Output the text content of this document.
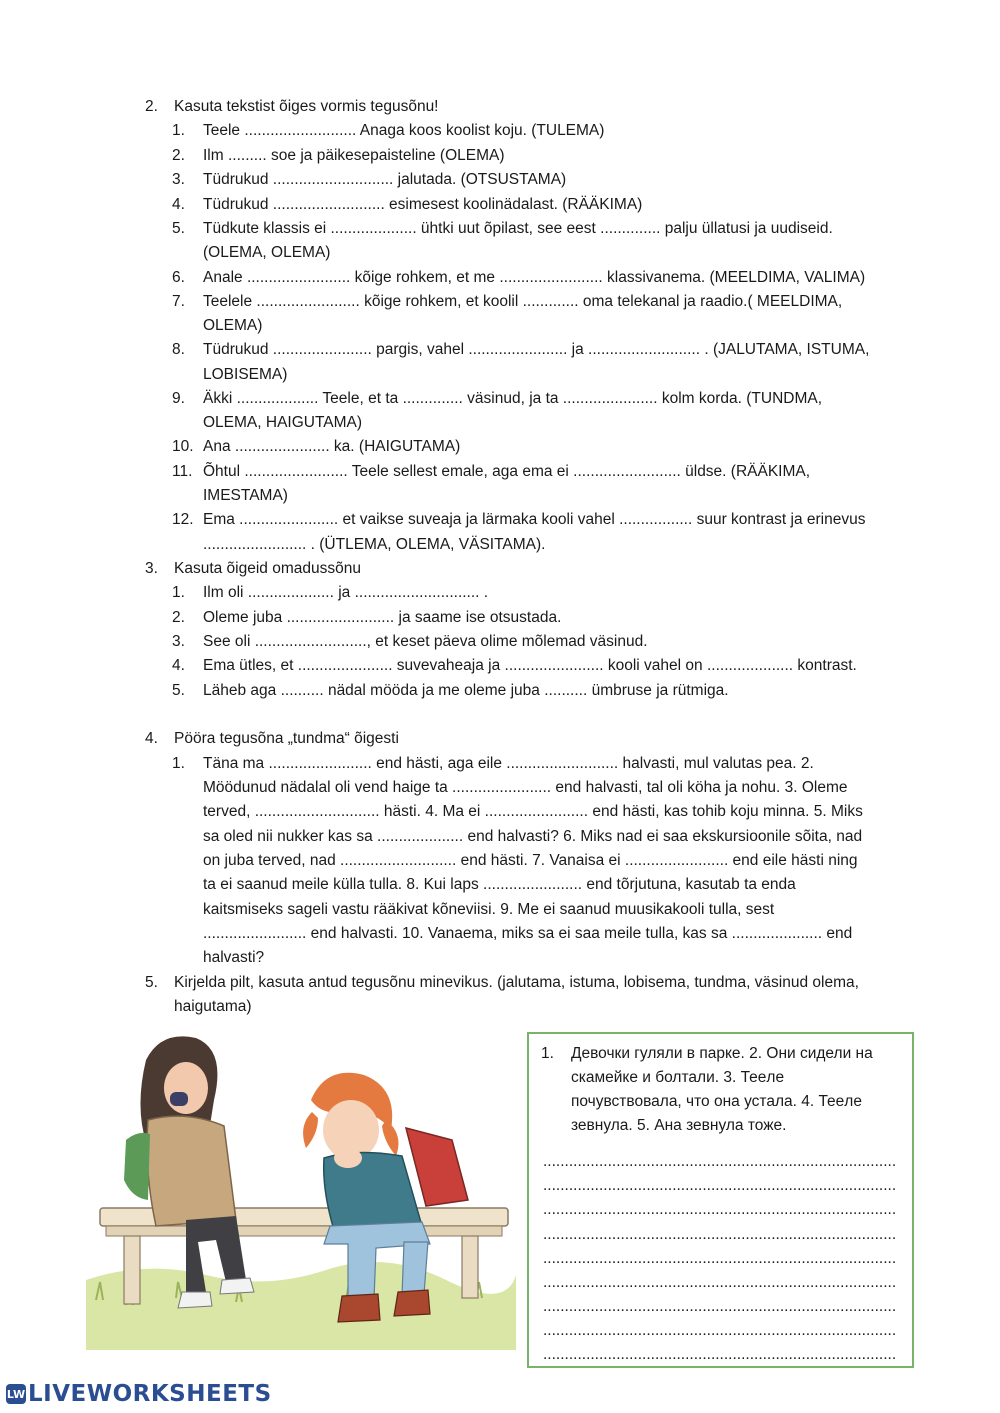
2. Kasuta tekstist õiges vormis tegusõnu!
1. Teele .......................... Anaga koos koolist koju. (TULEMA)
2. Ilm ......... soe ja päikesepaisteline (OLEMA)
3. Tüdrukud ............................ jalutada. (OTSUSTAMA)
4. Tüdrukud .......................... esimesest koolinädalast. (RÄÄKIMA)
5. Tüdkute klassis ei .................... ühtki uut õpilast, see eest .............. palju üllatusi ja uudiseid.
(OLEMA, OLEMA)
6. Anale ........................ kõige rohkem, et me ........................ klassivanema. (MEELDIMA, VALIMA)
7. Teelele ........................ kõige rohkem, et koolil ............. oma telekanal ja raadio.( MEELDIMA,
OLEMA)
8. Tüdrukud ....................... pargis, vahel ....................... ja .......................... . (JALUTAMA, ISTUMA,
LOBISEMA)
9. Äkki ................... Teele, et ta .............. väsinud, ja ta ...................... kolm korda. (TUNDMA,
OLEMA, HAIGUTAMA)
10. Ana ...................... ka. (HAIGUTAMA)
11. Õhtul ........................ Teele sellest emale, aga ema ei ......................... üldse. (RÄÄKIMA,
IMESTAMA)
12. Ema ....................... et vaikse suveaja ja lärmaka kooli vahel ................. suur kontrast ja erinevus
........................ . (ÜTLEMA, OLEMA, VÄSITAMA).
3. Kasuta õigeid omadussõnu
1. Ilm oli .................... ja ............................. .
2. Oleme juba ......................... ja saame ise otsustada.
3. See oli .........................., et keset päeva olime mõlemad väsinud.
4. Ema ütles, et ...................... suvevaheaja ja ....................... kooli vahel on .................... kontrast.
5. Läheb aga .......... nädal mööda ja me oleme juba .......... ümbruse ja rütmiga.
4. Pööra tegusõna „tundma“ õigesti
1. Täna ma ........................ end hästi, aga eile .......................... halvasti, mul valutas pea. 2.
Möödunud nädalal oli vend haige ta ....................... end halvasti, tal oli köha ja nohu. 3. Oleme
terved, ............................. hästi. 4. Ma ei ........................ end hästi, kas tohib koju minna. 5. Miks
sa oled nii nukker kas sa .................... end halvasti? 6. Miks nad ei saa ekskursioonile sõita, nad
on juba terved, nad ........................... end hästi. 7. Vanaisa ei ........................ end eile hästi ning
ta ei saanud meile külla tulla. 8. Kui laps ....................... end tõrjutuna, kasutab ta enda
kaitsmiseks sageli vastu rääkivat kõneviisi. 9. Me ei saanud muusikakooli tulla, sest
........................ end halvasti. 10. Vanaema, miks sa ei saa meile tulla, kas sa ..................... end
halvasti?
5. Kirjelda pilt, kasuta antud tegusõnu minevikus. (jalutama, istuma, lobisema, tundma, väsinud olema,
haigutama)
1. Девочки гуляли в парке. 2. Они сидели на
скамейке и болтали. 3. Теeле
почувствовала, что она устала. 4. Теeле
зевнула. 5. Ана зевнула тоже.
..................................................................................
..................................................................................
..................................................................................
..................................................................................
..................................................................................
..................................................................................
..................................................................................
..................................................................................
..................................................................................
LW LIVEWORKSHEETS
